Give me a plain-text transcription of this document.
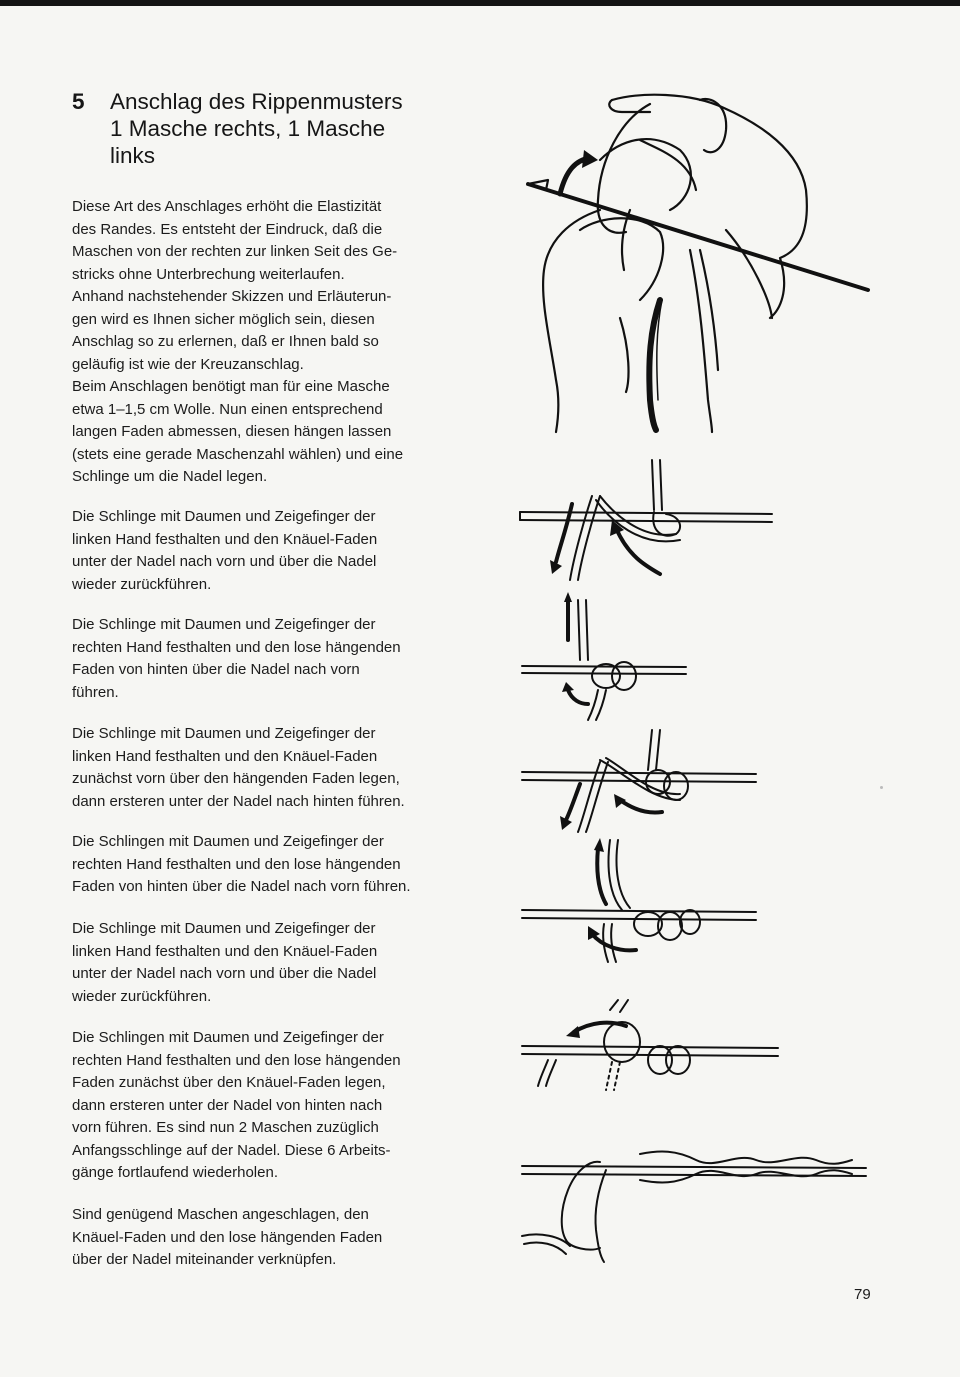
5 Anschlag des Rippenmusters
1 Masche rechts, 1 Masche
links
Diese Art des Anschlages erhöht die Elastizität
des Randes. Es entsteht der Eindruck, daß die
Maschen von der rechten zur linken Seit des Ge-
stricks ohne Unterbrechung weiterlaufen.
Anhand nachstehender Skizzen und Erläuterun-
gen wird es Ihnen sicher möglich sein, diesen
Anschlag so zu erlernen, daß er Ihnen bald so
geläufig ist wie der Kreuzanschlag.
Beim Anschlagen benötigt man für eine Masche
etwa 1–1,5 cm Wolle. Nun einen entsprechend
langen Faden abmessen, diesen hängen lassen
(stets eine gerade Maschenzahl wählen) und eine
Schlinge um die Nadel legen.
Die Schlinge mit Daumen und Zeigefinger der
linken Hand festhalten und den Knäuel-Faden
unter der Nadel nach vorn und über die Nadel
wieder zurückführen.
Die Schlinge mit Daumen und Zeigefinger der
rechten Hand festhalten und den lose hängenden
Faden von hinten über die Nadel nach vorn
führen.
Die Schlinge mit Daumen und Zeigefinger der
linken Hand festhalten und den Knäuel-Faden
zunächst vorn über den hängenden Faden legen,
dann ersteren unter der Nadel nach hinten führen.
Die Schlingen mit Daumen und Zeigefinger der
rechten Hand festhalten und den lose hängenden
Faden von hinten über die Nadel nach vorn führen.
Die Schlinge mit Daumen und Zeigefinger der
linken Hand festhalten und den Knäuel-Faden
unter der Nadel nach vorn und über die Nadel
wieder zurückführen.
Die Schlingen mit Daumen und Zeigefinger der
rechten Hand festhalten und den lose hängenden
Faden zunächst über den Knäuel-Faden legen,
dann ersteren unter der Nadel von hinten nach
vorn führen. Es sind nun 2 Maschen zuzüglich
Anfangsschlinge auf der Nadel. Diese 6 Arbeits-
gänge fortlaufend wiederholen.
Sind genügend Maschen angeschlagen, den
Knäuel-Faden und den lose hängenden Faden
über der Nadel miteinander verknüpfen.
79
